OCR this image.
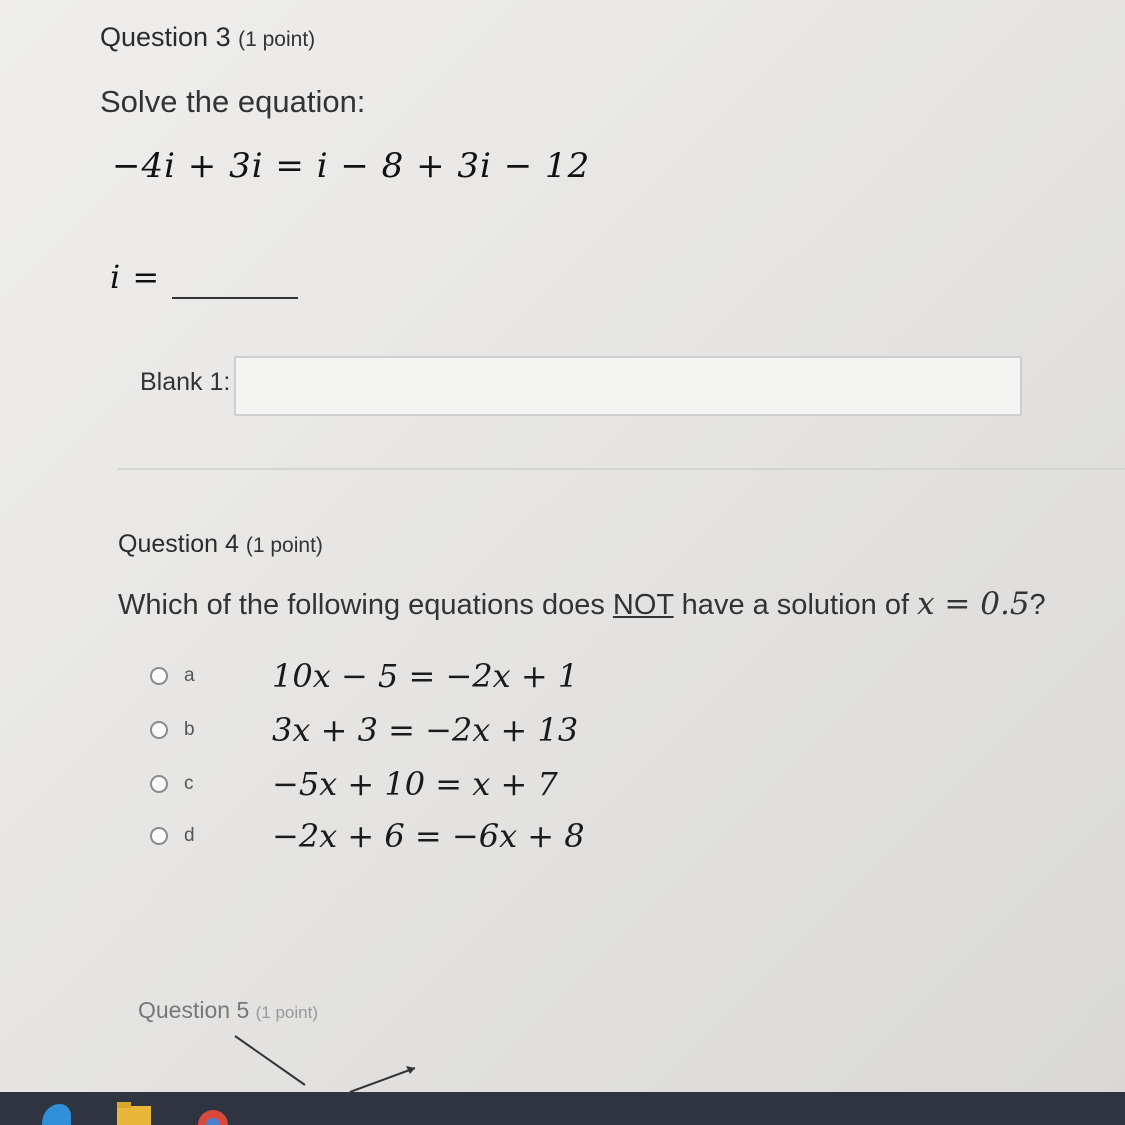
Question 3 (1 point)
Solve the equation:
−4i + 3i = i − 8 + 3i − 12
i =
Blank 1:
Question 4 (1 point)
Which of the following equations does NOT have a solution of x = 0.5?
a	10x − 5 = −2x + 1
b	3x + 3 = −2x + 13
c	−5x + 10 = x + 7
d	−2x + 6 = −6x + 8
Question 5 (1 point)
